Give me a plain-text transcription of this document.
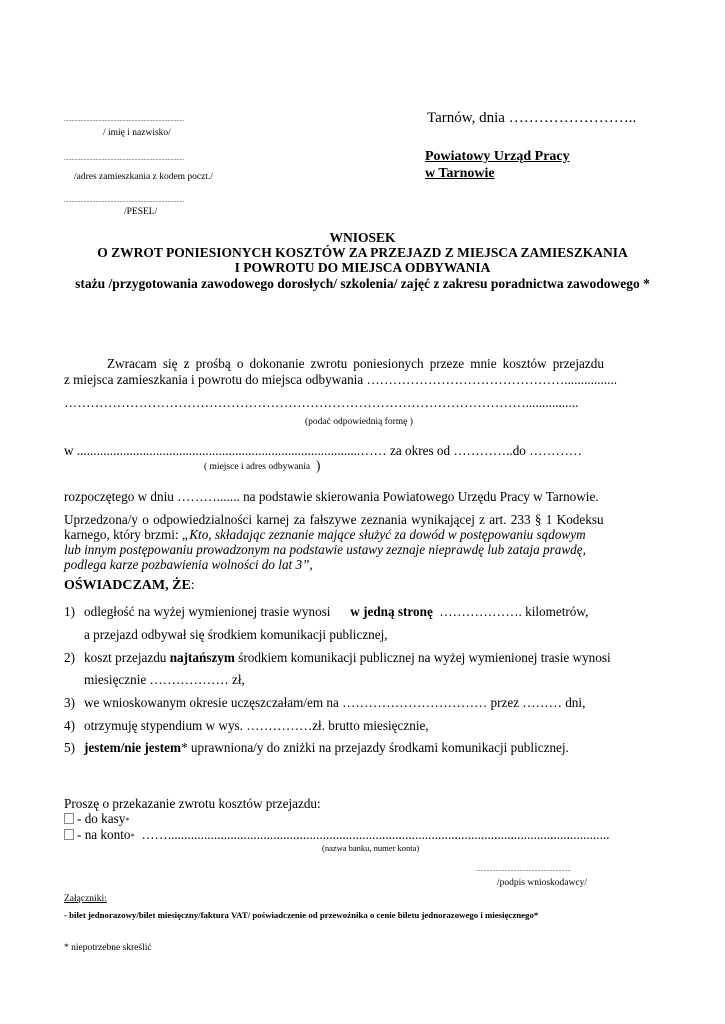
................................................................................
/ imię i nazwisko/
................................................................................
/adres zamieszkania z kodem poczt./
................................................................................
/PESEL/
Tarnów, dnia ……………………..
Powiatowy Urząd Pracy
w Tarnowie
WNIOSEK
O ZWROT PONIESIONYCH KOSZTÓW ZA PRZEJAZD Z MIEJSCA ZAMIESZKANIA
I POWROTU DO MIEJSCA ODBYWANIA
stażu /przygotowania zawodowego dorosłych/ szkolenia/ zajęć z zakresu poradnictwa zawodowego *
Zwracam się z prośbą o dokonanie zwrotu poniesionych przeze mnie kosztów przejazdu
z miejsca zamieszkania i powrotu do miejsca odbywania ………………………………………................
……………………………………………………………………………………………................
(podać odpowiednią formę )
w ......................................................................................…… za okres od …………..do …………
( miejsce i adres odbywania )
rozpoczętego w dniu ………....... na podstawie skierowania Powiatowego Urzędu Pracy w Tarnowie.
Uprzedzona/y o odpowiedzialności karnej za fałszywe zeznania wynikającej z art. 233 § 1 Kodeksu
karnego, który brzmi: „Kto, składając zeznanie mające służyć za dowód w postępowaniu sądowym
lub innym postępowaniu prowadzonym na podstawie ustawy zeznaje nieprawdę lub zataja prawdę,
podlega karze pozbawienia wolności do lat 3”,
OŚWIADCZAM, ŻE:
1) odległość na wyżej wymienionej trasie wynosi w jedną stronę ………………. kilometrów,
a przejazd odbywał się środkiem komunikacji publicznej,
2) koszt przejazdu najtańszym środkiem komunikacji publicznej na wyżej wymienionej trasie wynosi
miesięcznie ……………… zł,
3) we wnioskowanym okresie uczęszczałam/em na …………………………… przez ……… dni,
4) otrzymuję stypendium w wys. ……………zł. brutto miesięcznie,
5) jestem/nie jestem* uprawniona/y do zniżki na przejazdy środkami komunikacji publicznej.
Proszę o przekazanie zwrotu kosztów przejazdu:
- do kasy*
- na konto* ……......................................................................................................................................
(nazwa banku, numer konta)
...............................................................
/podpis wnioskodawcy/
Załączniki:
- bilet jednorazowy/bilet miesięczny/faktura VAT/ poświadczenie od przewoźnika o cenie biletu jednorazowego i miesięcznego*
* niepotrzebne skreślić
